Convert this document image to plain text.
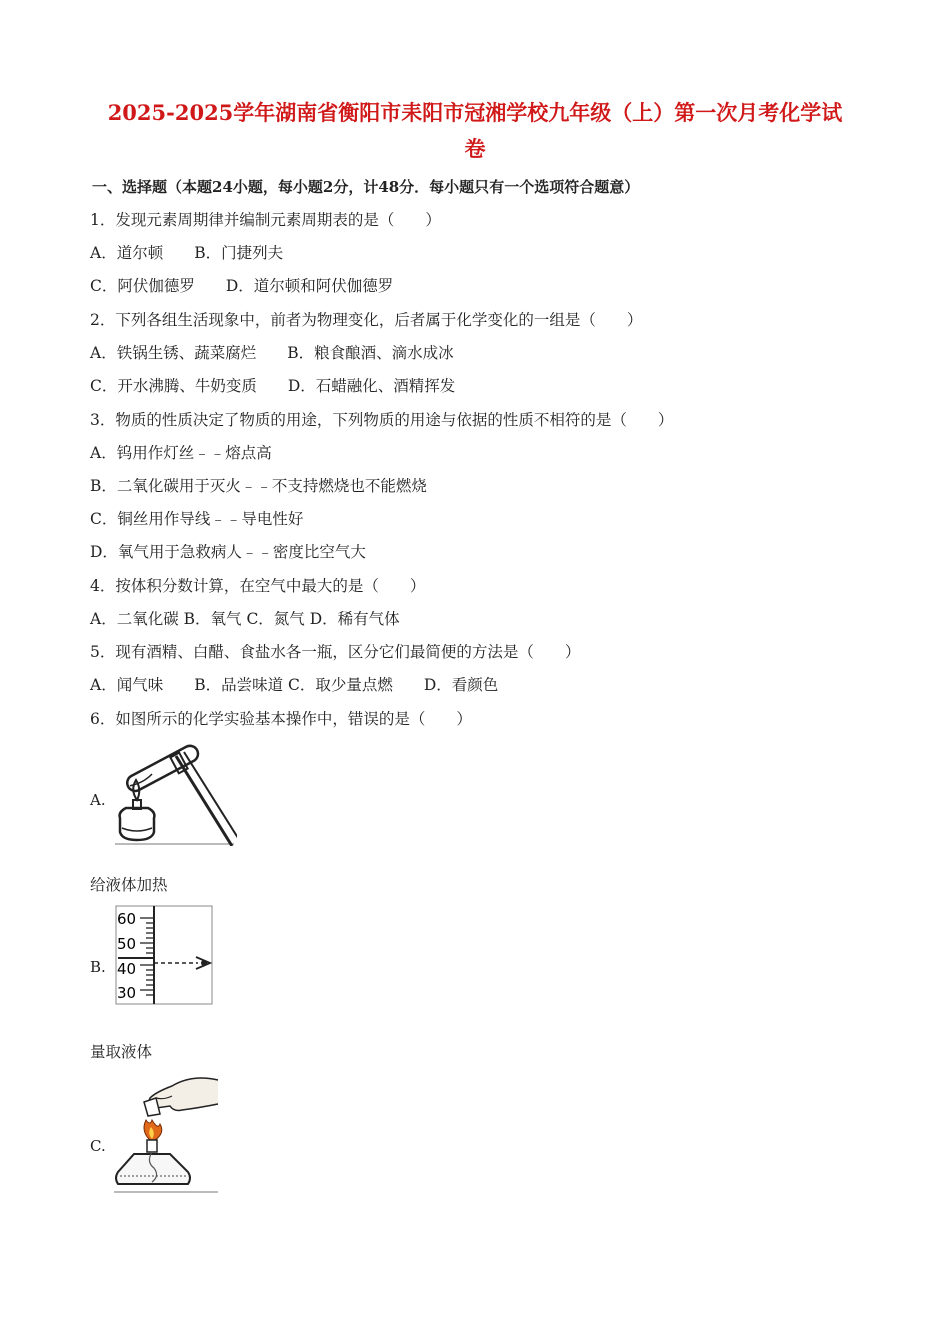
2025-2025学年湖南省衡阳市耒阳市冠湘学校九年级（上）第一次月考化学试
卷
一、选择题（本题24小题，每小题2分，计48分．每小题只有一个选项符合题意）
1．发现元素周期律并编制元素周期表的是（　　）
A．道尔顿　　B．门捷列夫
C．阿伏伽德罗　　D．道尔顿和阿伏伽德罗
2．下列各组生活现象中，前者为物理变化，后者属于化学变化的一组是（　　）
A．铁锅生锈、蔬菜腐烂　　B．粮食酿酒、滴水成冰
C．开水沸腾、牛奶变质　　D．石蜡融化、酒精挥发
3．物质的性质决定了物质的用途，下列物质的用途与依据的性质不相符的是（　　）
A．钨用作灯丝﹣﹣熔点高
B．二氧化碳用于灭火﹣﹣不支持燃烧也不能燃烧
C．铜丝用作导线﹣﹣导电性好
D．氧气用于急救病人﹣﹣密度比空气大
4．按体积分数计算，在空气中最大的是（　　）
A．二氧化碳 B．氧气 C．氮气 D．稀有气体
5．现有酒精、白醋、食盐水各一瓶，区分它们最简便的方法是（　　）
A．闻气味　　B．品尝味道 C．取少量点燃　　D．看颜色
6．如图所示的化学实验基本操作中，错误的是（　　）
A.
给液体加热
B.
60
50
40
30
量取液体
C.
